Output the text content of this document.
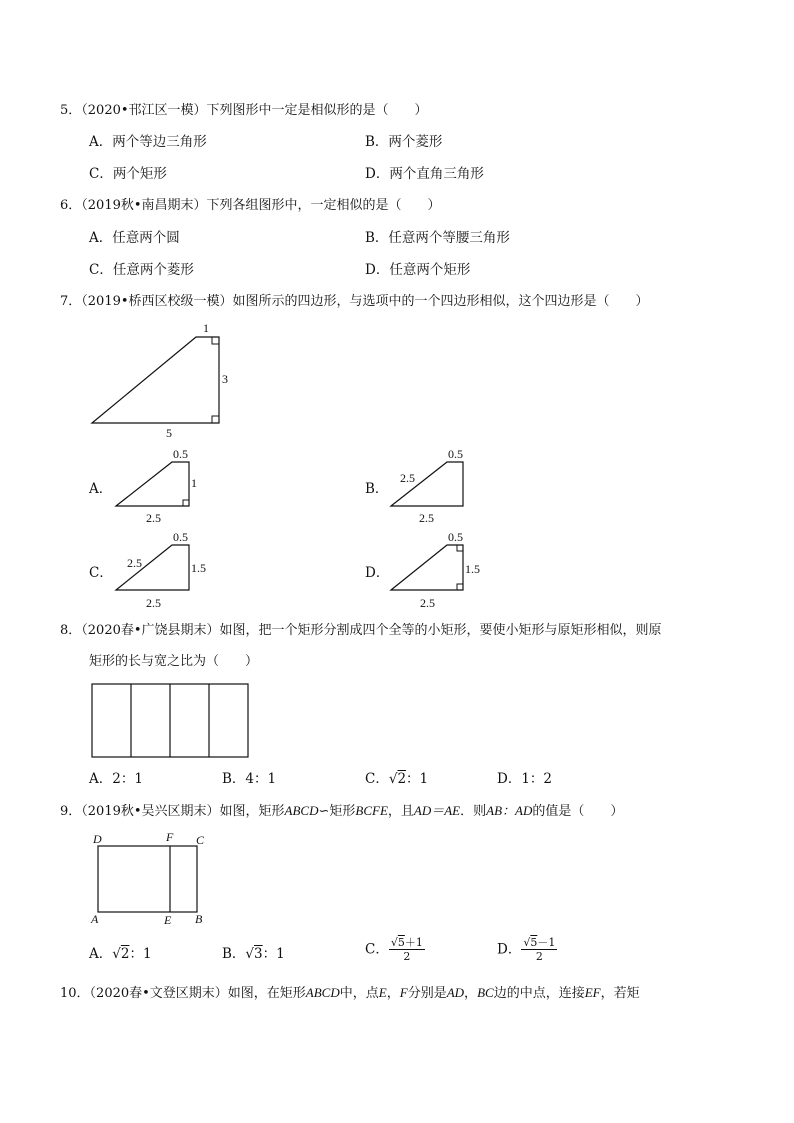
5．（2020•邗江区一模）下列图形中一定是相似形的是（　　）
A．两个等边三角形	B．两个菱形
C．两个矩形	D．两个直角三角形
6．（2019秋•南昌期末）下列各组图形中，一定相似的是（　　）
A．任意两个圆	B．任意两个等腰三角形
C．任意两个菱形	D．任意两个矩形
7．（2019•桥西区校级一模）如图所示的四边形，与选项中的一个四边形相似，这个四边形是（　　）
1
3
5
0.5
1
2.5
0.5
2.5
2.5
0.5
2.5	1.5
2.5
0.5
1.5
2.5
D	F C
A	E B
A．	B．
C．	D．
8．（2020春•广饶县期末）如图，把一个矩形分割成四个全等的小矩形，要使小矩形与原矩形相似，则原
矩形的长与宽之比为（　　）
A．2：1	B．4：1	C．√2：1	D．1：2
9．（2019秋•吴兴区期末）如图，矩形ABCD∽矩形BCFE，且AD＝AE．则AB：AD的值是（　　）
A．√2：1	B．√3：1	C． $\frac{√5+1}{2}$	D． $\frac{√5-1}{2}$
10．（2020春•文登区期末）如图，在矩形ABCD中，点E，F分别是AD，BC边的中点，连接EF，若矩
